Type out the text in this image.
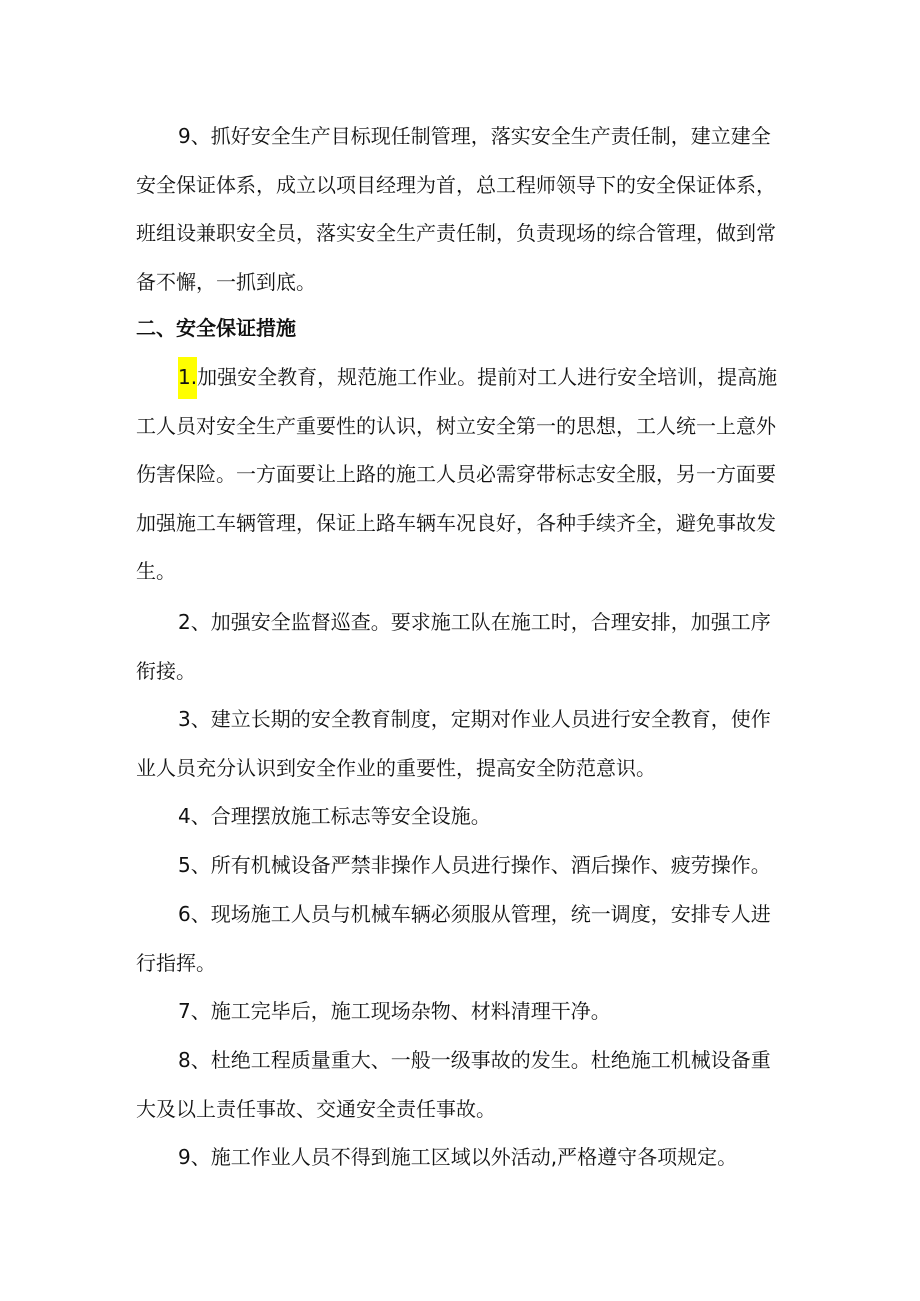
9、抓好安全生产目标现任制管理，落实安全生产责任制，建立建全安全保证体系，成立以项目经理为首，总工程师领导下的安全保证体系，班组设兼职安全员，落实安全生产责任制，负责现场的综合管理，做到常备不懈，一抓到底。

二、安全保证措施

1.加强安全教育，规范施工作业。提前对工人进行安全培训，提高施工人员对安全生产重要性的认识，树立安全第一的思想，工人统一上意外伤害保险。一方面要让上路的施工人员必需穿带标志安全服，另一方面要加强施工车辆管理，保证上路车辆车况良好，各种手续齐全，避免事故发生。

2、加强安全监督巡查。要求施工队在施工时，合理安排，加强工序衔接。

3、建立长期的安全教育制度，定期对作业人员进行安全教育，使作业人员充分认识到安全作业的重要性，提高安全防范意识。

4、合理摆放施工标志等安全设施。

5、所有机械设备严禁非操作人员进行操作、酒后操作、疲劳操作。

6、现场施工人员与机械车辆必须服从管理，统一调度，安排专人进行指挥。

7、施工完毕后，施工现场杂物、材料清理干净。

8、杜绝工程质量重大、一般一级事故的发生。杜绝施工机械设备重大及以上责任事故、交通安全责任事故。

9、施工作业人员不得到施工区域以外活动,严格遵守各项规定。
